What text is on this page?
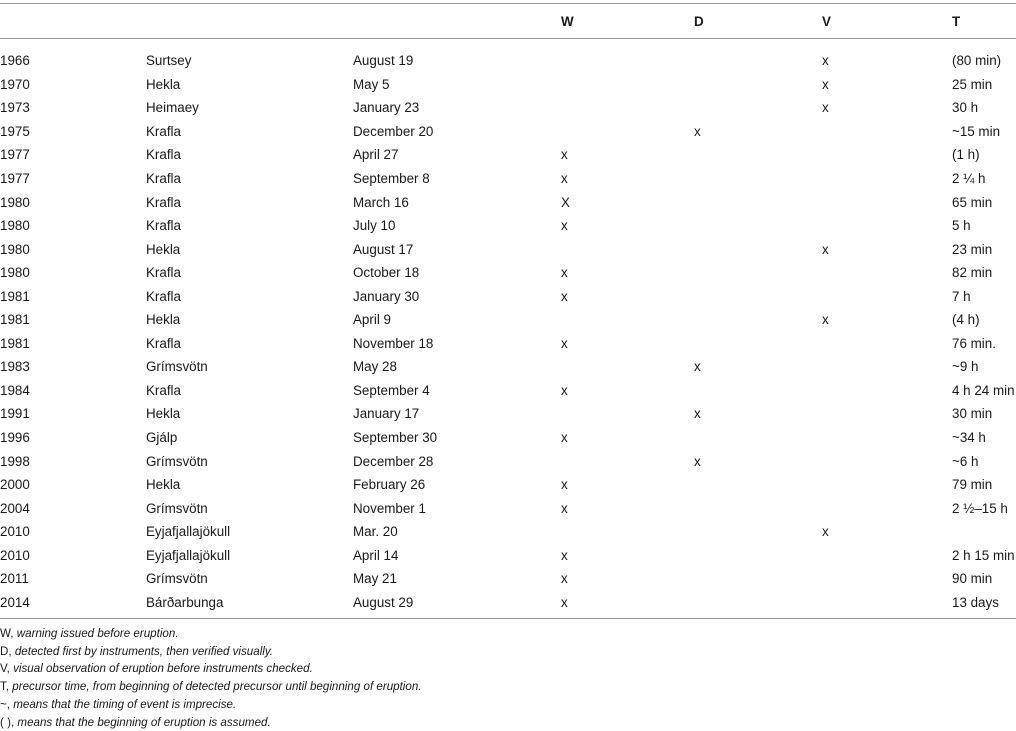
			W	D	V	T

1966	Surtsey	August 19			x	(80 min)
1970	Hekla	May 5			x	25 min
1973	Heimaey	January 23			x	30 h
1975	Krafla	December 20		x		~15 min
1977	Krafla	April 27	x			(1 h)
1977	Krafla	September 8	x			2 ¼ h
1980	Krafla	March 16	X			65 min
1980	Krafla	July 10	x			5 h
1980	Hekla	August 17			x	23 min
1980	Krafla	October 18	x			82 min
1981	Krafla	January 30	x			7 h
1981	Hekla	April 9			x	(4 h)
1981	Krafla	November 18	x			76 min.
1983	Grímsvötn	May 28		x		~9 h
1984	Krafla	September 4	x			4 h 24 min
1991	Hekla	January 17		x		30 min
1996	Gjálp	September 30	x			~34 h
1998	Grímsvötn	December 28		x		~6 h
2000	Hekla	February 26	x			79 min
2004	Grímsvötn	November 1	x			2 ½–15 h
2010	Eyjafjallajökull	Mar. 20			x	
2010	Eyjafjallajökull	April 14	x			2 h 15 min
2011	Grímsvötn	May 21	x			90 min
2014	Bárðarbunga	August 29	x			13 days
W, warning issued before eruption.
D, detected first by instruments, then verified visually.
V, visual observation of eruption before instruments checked.
T, precursor time, from beginning of detected precursor until beginning of eruption.
~, means that the timing of event is imprecise.
( ), means that the beginning of eruption is assumed.
